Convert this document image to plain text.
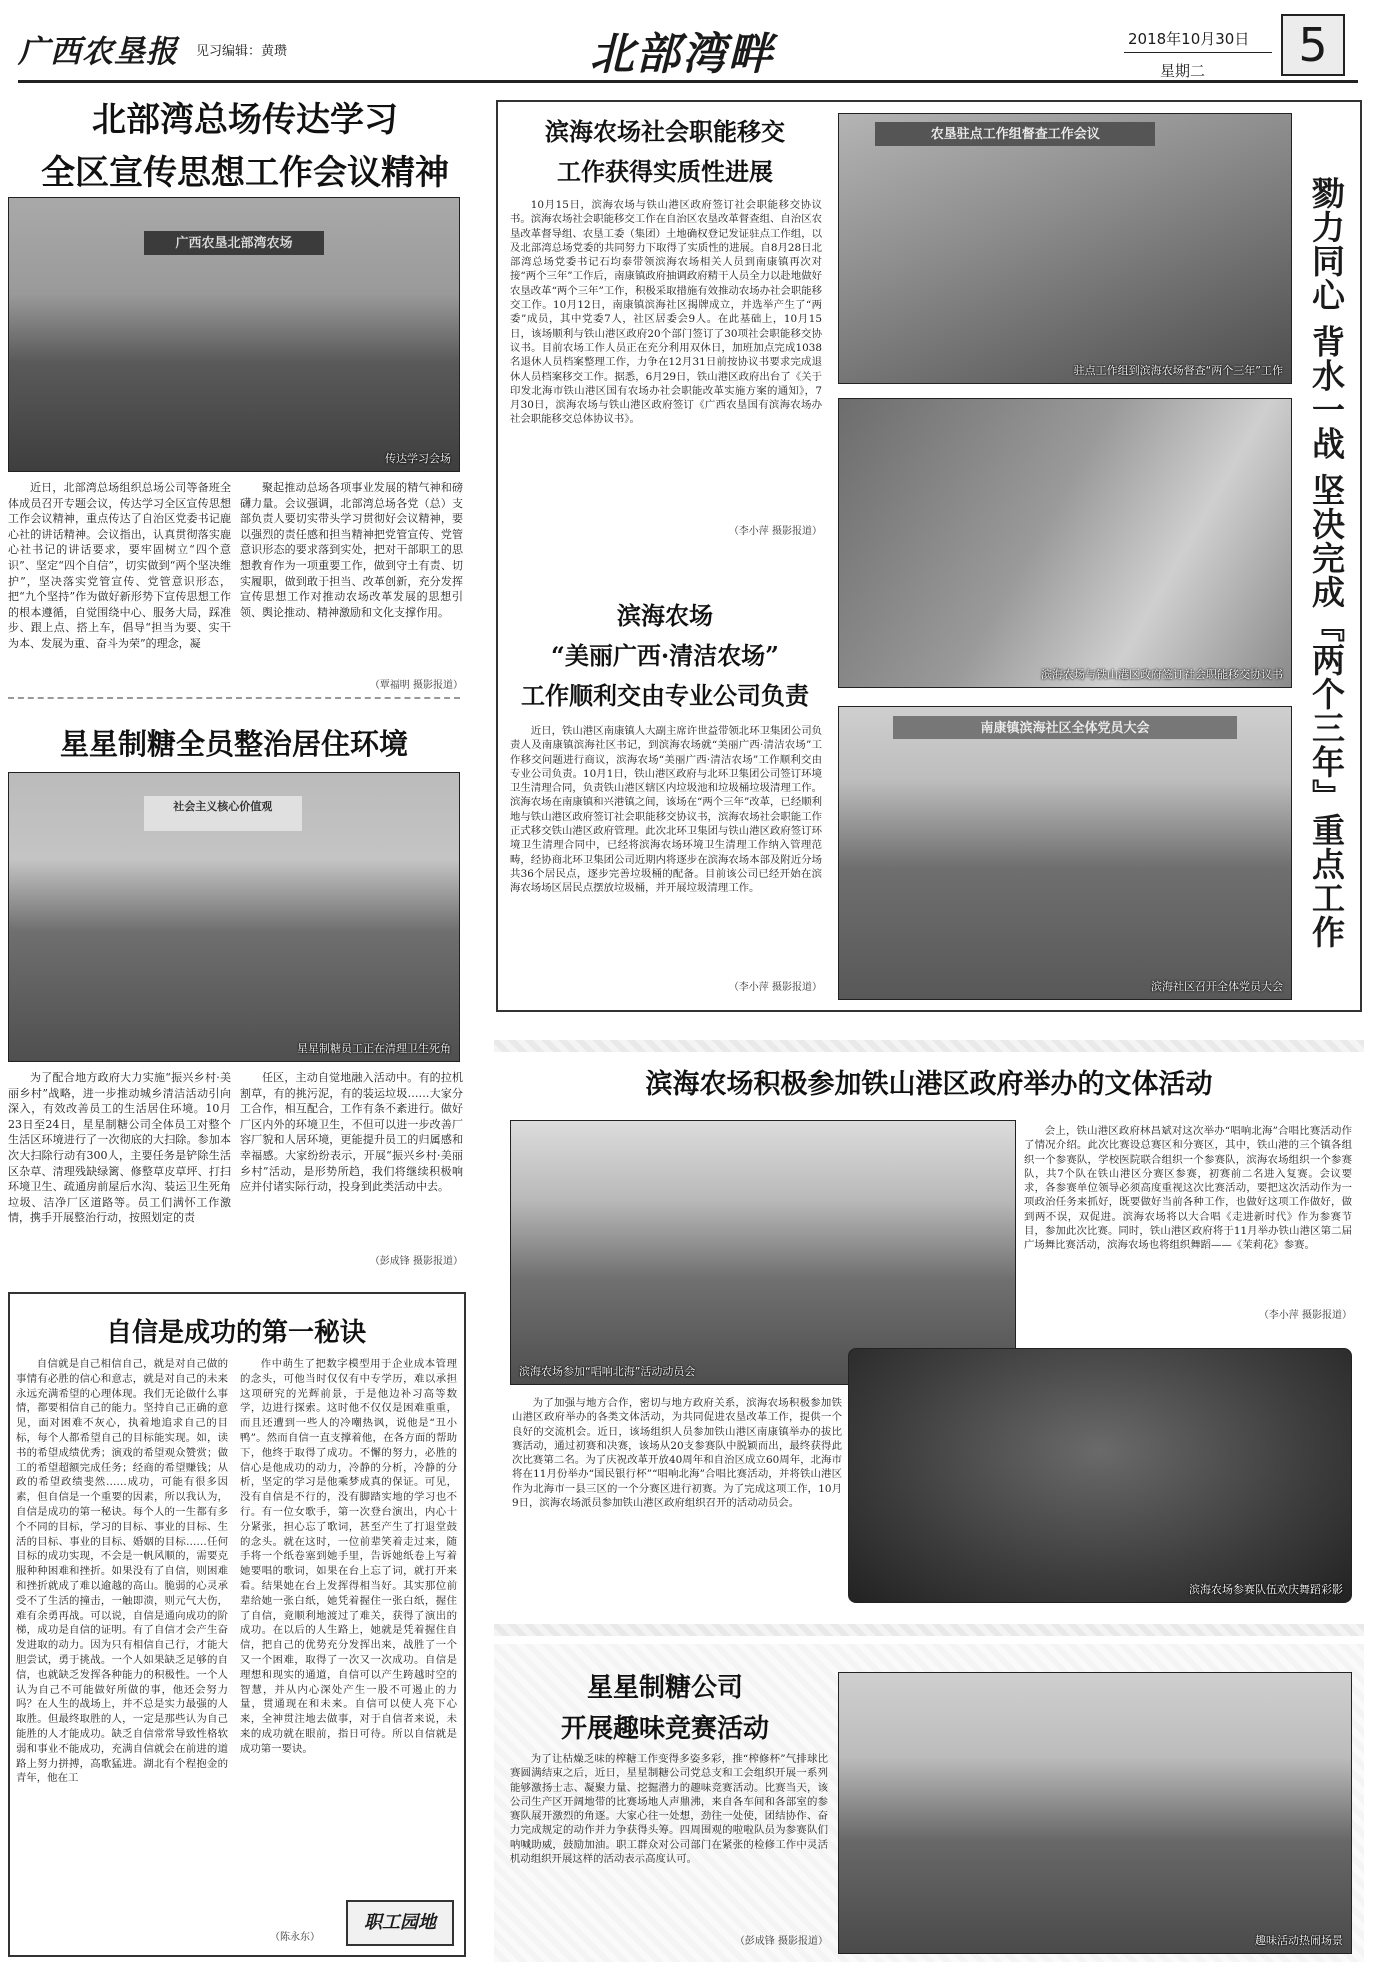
广西农垦报 见习编辑：黄瓒	北部湾畔	2018年10月30日
星期二	5
北部湾总场传达学习
全区宣传思想工作会议精神
广西农垦北部湾农场
传达学习会场
近日，北部湾总场组织总场公司等备班全体成员召开专题会议，传达学习全区宣传思想工作会议精神，重点传达了自治区党委书记鹿心社的讲话精神。会议指出，认真贯彻落实鹿心社书记的讲话要求，要牢固树立“四个意识”、坚定“四个自信”，切实做到“两个坚决维护”，坚决落实党管宣传、党管意识形态，把“九个坚持”作为做好新形势下宣传思想工作的根本遵循，自觉围绕中心、服务大局，踩准步、跟上点、搭上车，倡导“担当为要、实干为本、发展为重、奋斗为荣”的理念，凝
聚起推动总场各项事业发展的精气神和磅礴力量。会议强调，北部湾总场各党（总）支部负责人要切实带头学习贯彻好会议精神，要以强烈的责任感和担当精神把党管宣传、党管意识形态的要求落到实处，把对干部职工的思想教育作为一项重要工作，做到守土有责、切实履职，做到敢于担当、改革创新，充分发挥宣传思想工作对推动农场改革发展的思想引领、舆论推动、精神激励和文化支撑作用。
（覃福明 摄影报道）
星星制糖全员整治居住环境
社会主义核心价值观
星星制糖员工正在清理卫生死角
为了配合地方政府大力实施“振兴乡村·美丽乡村”战略，进一步推动城乡清洁活动引向深入，有效改善员工的生活居住环境。10月23日至24日，星星制糖公司全体员工对整个生活区环境进行了一次彻底的大扫除。参加本次大扫除行动有300人，主要任务是铲除生活区杂草、清理残缺绿篱、修整草皮草坪、打扫环境卫生、疏通房前屋后水沟、装运卫生死角垃圾、洁净厂区道路等。员工们满怀工作激情，携手开展整治行动，按照划定的责
任区，主动自觉地融入活动中。有的拉机割草，有的挑污泥，有的装运垃圾……大家分工合作，相互配合，工作有条不紊进行。做好厂区内外的环境卫生，不但可以进一步改善厂容厂貌和人居环境，更能提升员工的归属感和幸福感。大家纷纷表示，开展“振兴乡村·美丽乡村”活动，是形势所趋，我们将继续积极响应并付诸实际行动，投身到此类活动中去。
（彭成锋 摄影报道）
自信是成功的第一秘诀
自信就是自己相信自己，就是对自己做的事情有必胜的信心和意志，就是对自己的未来永远充满希望的心理体现。我们无论做什么事情，都要相信自己的能力。坚持自己正确的意见，面对困难不灰心，执着地追求自己的目标，每个人都希望自己的目标能实现。如，读书的希望成绩优秀；演戏的希望观众赞赏；做工的希望超额完成任务；经商的希望赚钱；从政的希望政绩斐然……成功，可能有很多因素，但自信是一个重要的因素，所以我认为，自信是成功的第一秘诀。每个人的一生都有多个不同的目标，学习的目标、事业的目标、生活的目标、事业的目标、婚姻的目标……任何目标的成功实现，不会是一帆风顺的，需要克服种种困难和挫折。如果没有了自信，则困难和挫折就成了难以逾越的高山。脆弱的心灵承受不了生活的撞击，一触即溃，则元气大伤，难有余勇再战。可以说，自信是通向成功的阶梯，成功是自信的证明。有了自信才会产生奋发进取的动力。因为只有相信自己行，才能大胆尝试，勇于挑战。一个人如果缺乏足够的自信，也就缺乏发挥各种能力的积极性。一个人认为自己不可能做好所做的事，他还会努力吗？在人生的战场上，并不总是实力最强的人取胜。但最终取胜的人，一定是那些认为自己能胜的人才能成功。缺乏自信常常导致性格软弱和事业不能成功，充满自信就会在前进的道路上努力拼搏，高歌猛进。湖北有个程抱金的青年，他在工
作中萌生了把数字模型用于企业成本管理的念头，可他当时仅仅有中专学历，难以承担这项研究的光辉前景，于是他边补习高等数学，边进行探索。这时他不仅仅是困难重重，而且还遭到一些人的冷嘲热讽，说他是“丑小鸭”。然而自信一直支撑着他，在各方面的帮助下，他终于取得了成功。不懈的努力，必胜的信心是他成功的动力，冷静的分析，冷静的分析，坚定的学习是他乘梦成真的保证。可见，没有自信是不行的，没有脚踏实地的学习也不行。有一位女歌手，第一次登台演出，内心十分紧张，担心忘了歌词，甚至产生了打退堂鼓的念头。就在这时，一位前辈笑着走过来，随手将一个纸卷塞到她手里，告诉她纸卷上写着她要唱的歌词，如果在台上忘了词，就打开来看。结果她在台上发挥得相当好。其实那位前辈给她一张白纸，她凭着握住一张白纸，握住了自信，竟顺利地渡过了难关，获得了演出的成功。在以后的人生路上，她就是凭着握住自信，把自己的优势充分发挥出来，战胜了一个又一个困难，取得了一次又一次成功。自信是理想和现实的通道，自信可以产生跨越时空的智慧，并从内心深处产生一股不可遏止的力量，贯通现在和未来。自信可以使人亮下心来，全神贯注地去做事，对于自信者来说，未来的成功就在眼前，指日可待。所以自信就是成功第一要诀。
（陈永东）
职工园地
滨海农场社会职能移交
工作获得实质性进展
10月15日，滨海农场与铁山港区政府签订社会职能移交协议书。滨海农场社会职能移交工作在自治区农垦改革督查组、自治区农垦改革督导组、农垦工委（集团）土地确权登记发证驻点工作组，以及北部湾总场党委的共同努力下取得了实质性的进展。自8月28日北部湾总场党委书记石均泰带领滨海农场相关人员到南康镇再次对接“两个三年”工作后，南康镇政府抽调政府精干人员全力以赴地做好农垦改革“两个三年”工作，积极采取措施有效推动农场办社会职能移交工作。10月12日，南康镇滨海社区揭牌成立，并选举产生了“两委”成员，其中党委7人，社区居委会9人。在此基础上，10月15日，该场顺利与铁山港区政府20个部门签订了30项社会职能移交协议书。目前农场工作人员正在充分利用双休日，加班加点完成1038名退休人员档案整理工作，力争在12月31日前按协议书要求完成退休人员档案移交工作。据悉，6月29日，铁山港区政府出台了《关于印发北海市铁山港区国有农场办社会职能改革实施方案的通知》，7月30日，滨海农场与铁山港区政府签订《广西农垦国有滨海农场办社会职能移交总体协议书》。
（李小萍 摄影报道）
滨海农场
“美丽广西·清洁农场”
工作顺利交由专业公司负责
近日，铁山港区南康镇人大副主席许世益带领北环卫集团公司负责人及南康镇滨海社区书记，到滨海农场就“美丽广西·清洁农场”工作移交问题进行商议，滨海农场“美丽广西·清洁农场”工作顺利交由专业公司负责。10月1日，铁山港区政府与北环卫集团公司签订环境卫生清理合同，负责铁山港区辖区内垃圾池和垃圾桶垃圾清理工作。滨海农场在南康镇和兴港镇之间，该场在“两个三年”改革，已经顺利地与铁山港区政府签订社会职能移交协议书，滨海农场社会职能工作正式移交铁山港区政府管理。此次北环卫集团与铁山港区政府签订环境卫生清理合同中，已经将滨海农场环境卫生清理工作纳入管理范畴，经协商北环卫集团公司近期内将逐步在滨海农场本部及附近分场共36个居民点，逐步完善垃圾桶的配备。目前该公司已经开始在滨海农场场区居民点摆放垃圾桶，并开展垃圾清理工作。
（李小萍 摄影报道）
农垦驻点工作组督查工作会议
驻点工作组到滨海农场督查“两个三年”工作
滨海农场与铁山港区政府签订社会职能移交协议书
南康镇滨海社区全体党员大会
滨海社区召开全体党员大会
勠力同心 背水一战 坚决完成『两个三年』重点工作
滨海农场积极参加铁山港区政府举办的文体活动
滨海农场参加“唱响北海”活动动员会
会上，铁山港区政府林昌斌对这次举办“唱响北海”合唱比赛活动作了情况介绍。此次比赛设总赛区和分赛区，其中，铁山港的三个镇各组织一个参赛队，学校医院联合组织一个参赛队，滨海农场组织一个参赛队，共7个队在铁山港区分赛区参赛，初赛前二名进入复赛。会议要求，各参赛单位领导必须高度重视这次比赛活动，要把这次活动作为一项政治任务来抓好，既要做好当前各种工作，也做好这项工作做好，做到两不误，双促进。滨海农场将以大合唱《走进新时代》作为参赛节目，参加此次比赛。同时，铁山港区政府将于11月举办铁山港区第二届广场舞比赛活动，滨海农场也将组织舞蹈——《茉莉花》参赛。
（李小萍 摄影报道）
为了加强与地方合作，密切与地方政府关系，滨海农场积极参加铁山港区政府举办的各类文体活动，为共同促进农垦改革工作，提供一个良好的交流机会。近日，该场组织人员参加铁山港区南康镇举办的拔比赛活动，通过初赛和决赛，该场从20支参赛队中脱颖而出，最终获得此次比赛第二名。为了庆祝改革开放40周年和自治区成立60周年，北海市将在11月份举办“国民银行杯”“唱响北海”合唱比赛活动，并将铁山港区作为北海市一县三区的一个分赛区进行初赛。为了完成这项工作，10月9日，滨海农场派员参加铁山港区政府组织召开的活动动员会。
滨海农场参赛队伍欢庆舞蹈彩影
星星制糖公司
开展趣味竞赛活动
为了让枯燥乏味的榨糖工作变得多姿多彩，推“榨修杯”气排球比赛圆满结束之后，近日，星星制糖公司党总支和工会组织开展一系列能够激扬士志、凝聚力量、挖掘潜力的趣味竞赛活动。比赛当天，该公司生产区开阔地带的比赛场地人声鼎沸，来自各车间和各部室的参赛队展开激烈的角逐。大家心往一处想，劲往一处使，团结协作、奋力完成规定的动作并力争获得头筹。四周围观的啦啦队员为参赛队们呐喊助威，鼓励加油。职工群众对公司部门在紧张的检修工作中灵活机动组织开展这样的活动表示高度认可。
（彭成锋 摄影报道）	趣味活动热闹场景
